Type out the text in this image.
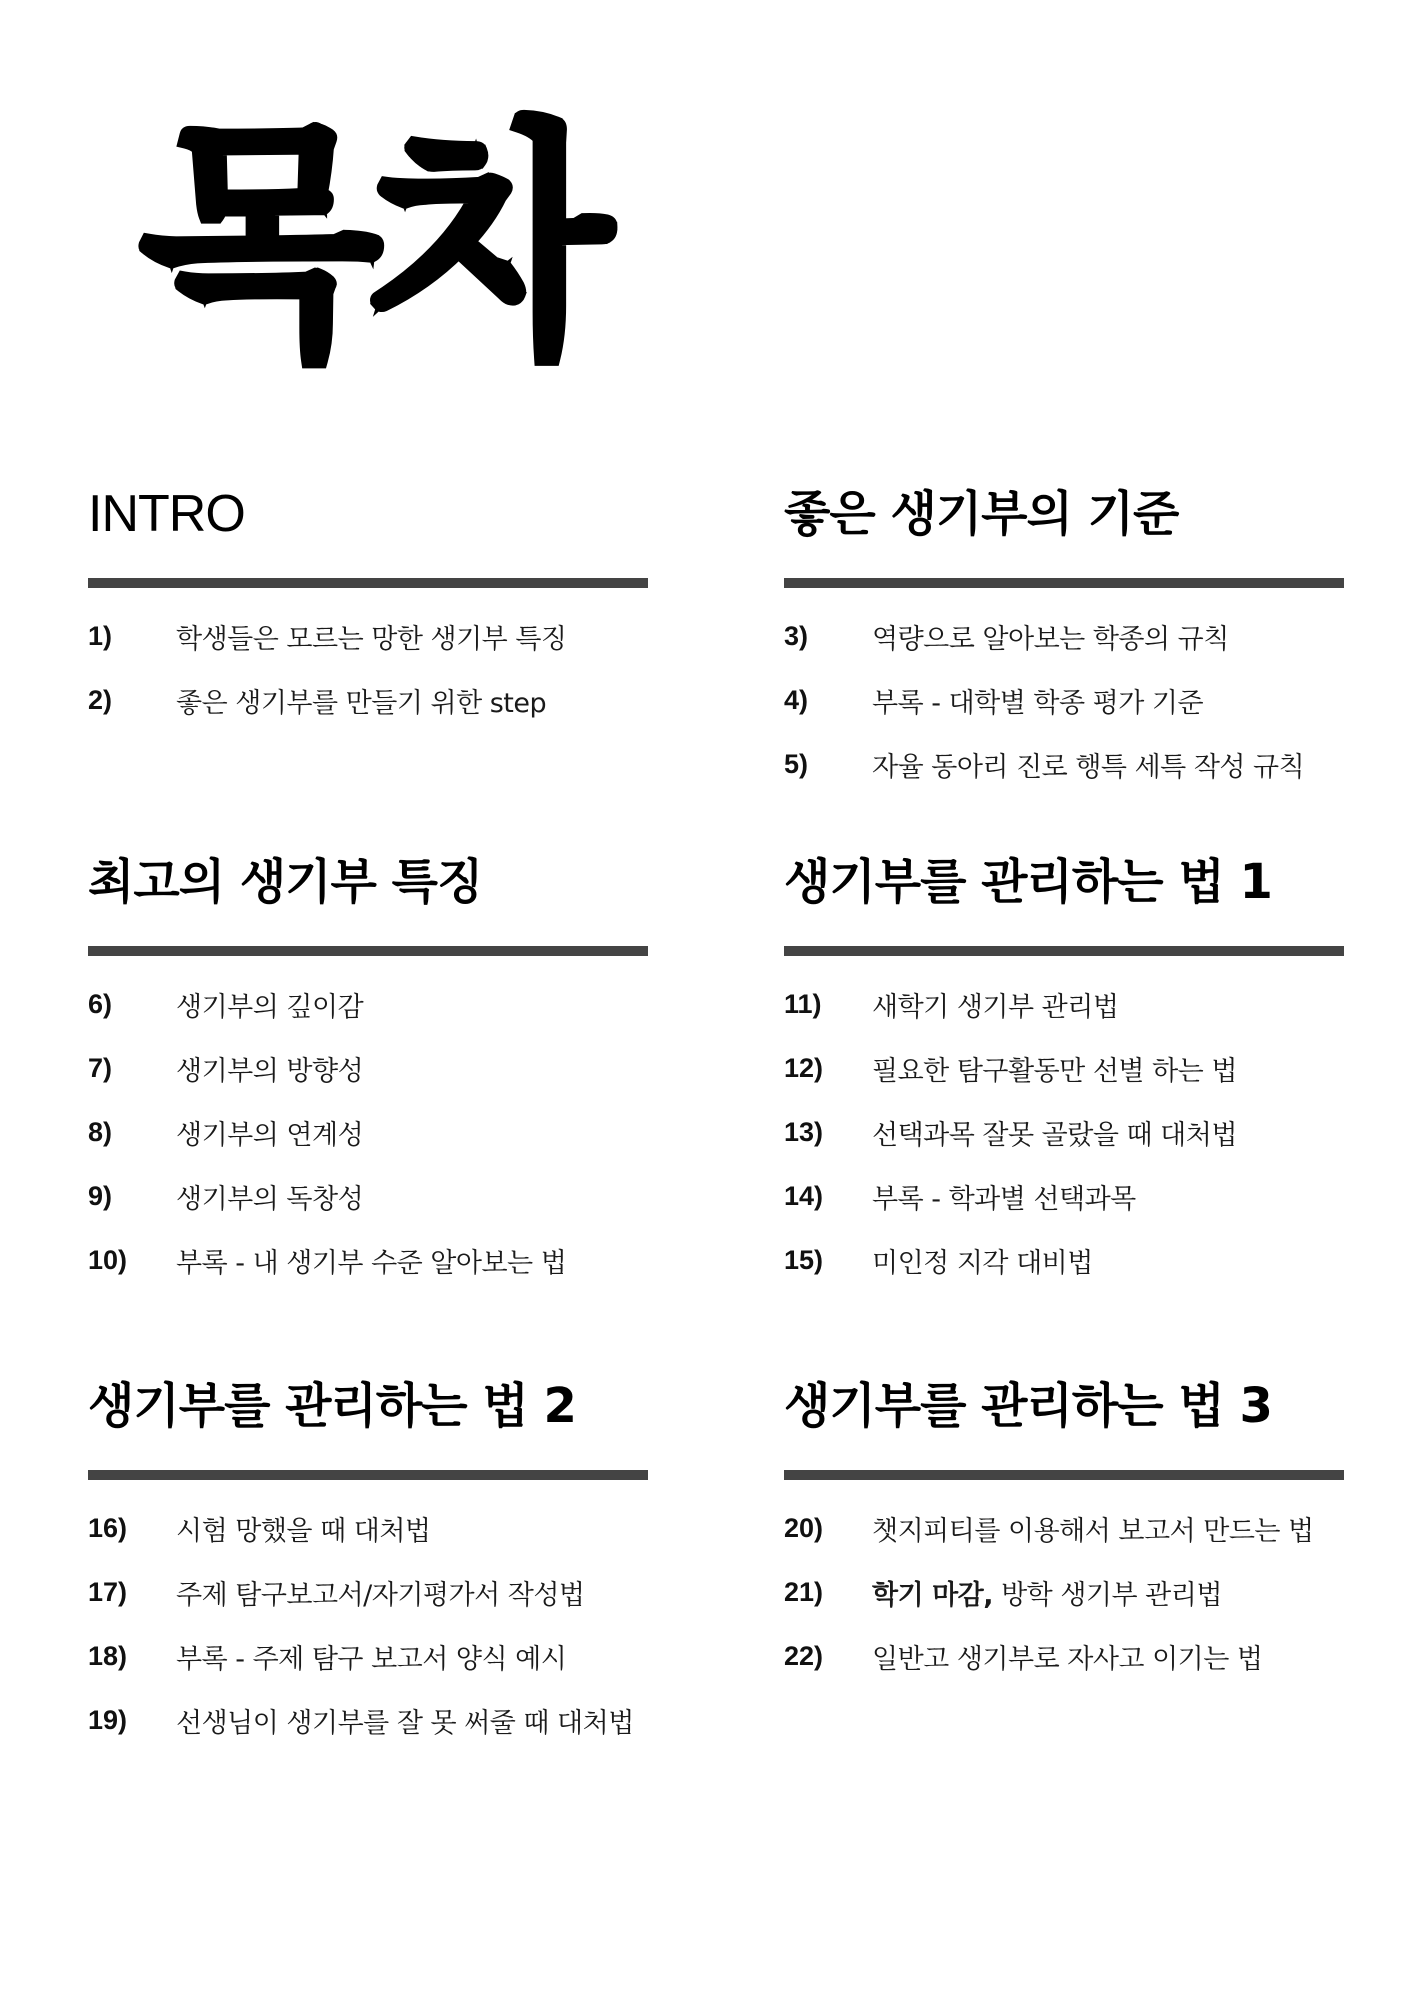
목차
INTRO
1)	학생들은 모르는 망한 생기부 특징
2)	좋은 생기부를 만들기 위한 step
좋은 생기부의 기준
3)	역량으로 알아보는 학종의 규칙
4)	부록 - 대학별 학종 평가 기준
5)	자율 동아리 진로 행특 세특 작성 규칙
최고의 생기부 특징
6)	생기부의 깊이감
7)	생기부의 방향성
8)	생기부의 연계성
9)	생기부의 독창성
10)	부록 - 내 생기부 수준 알아보는 법
생기부를 관리하는 법 1
11)	새학기 생기부 관리법
12)	필요한 탐구활동만 선별 하는 법
13)	선택과목 잘못 골랐을 때 대처법
14)	부록 - 학과별 선택과목
15)	미인정 지각 대비법
생기부를 관리하는 법 2
16)	시험 망했을 때 대처법
17)	주제 탐구보고서/자기평가서 작성법
18)	부록 - 주제 탐구 보고서 양식 예시
19)	선생님이 생기부를 잘 못 써줄 때 대처법
생기부를 관리하는 법 3
20)	챗지피티를 이용해서 보고서 만드는 법
21)	학기 마감, 방학 생기부 관리법
22)	일반고 생기부로 자사고 이기는 법
